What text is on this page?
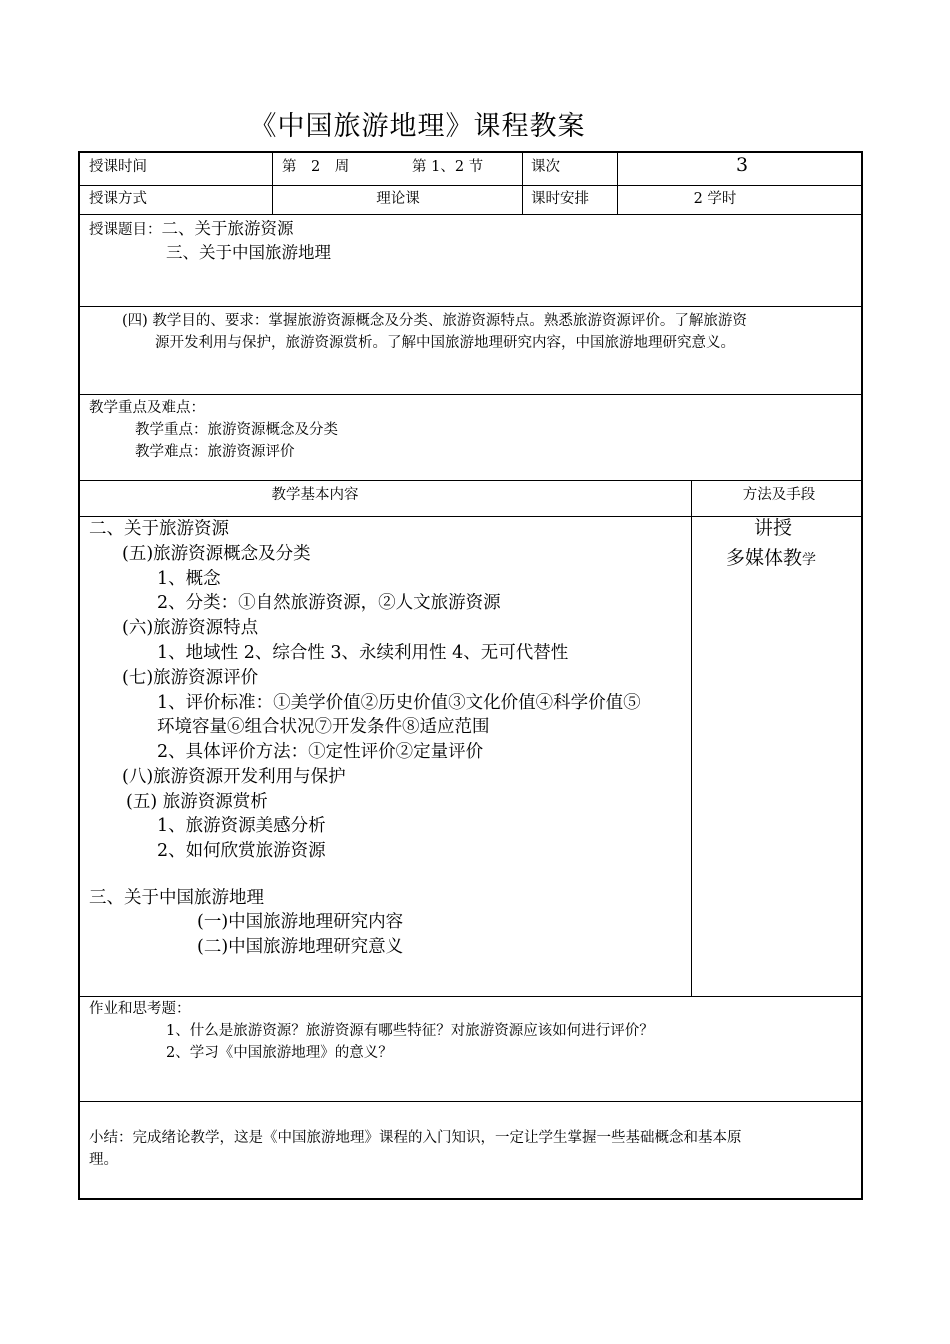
《中国旅游地理》课程教案
授课时间	第　2　周	第 1、2 节	课次	3
授课方式	理论课	课时安排	2 学时
授课题目：二、关于旅游资源
三、关于中国旅游地理
(四) 教学目的、要求：掌握旅游资源概念及分类、旅游资源特点。熟悉旅游资源评价。了解旅游资
源开发利用与保护，旅游资源赏析。了解中国旅游地理研究内容，中国旅游地理研究意义。
教学重点及难点：
教学重点：旅游资源概念及分类
教学难点：旅游资源评价
教学基本内容	方法及手段
二、关于旅游资源
(五)旅游资源概念及分类
1、概念
2、分类：①自然旅游资源，②人文旅游资源
(六)旅游资源特点
1、地域性 2、综合性 3、永续利用性 4、无可代替性
(七)旅游资源评价
1、评价标准：①美学价值②历史价值③文化价值④科学价值⑤
环境容量⑥组合状况⑦开发条件⑧适应范围
2、具体评价方法：①定性评价②定量评价
(八)旅游资源开发利用与保护
(五) 旅游资源赏析
1、旅游资源美感分析
2、如何欣赏旅游资源
三、关于中国旅游地理
(一)中国旅游地理研究内容
(二)中国旅游地理研究意义
讲授
多媒体教学
作业和思考题：
1、什么是旅游资源？旅游资源有哪些特征？对旅游资源应该如何进行评价？
2、学习《中国旅游地理》的意义？
小结：完成绪论教学，这是《中国旅游地理》课程的入门知识，一定让学生掌握一些基础概念和基本原
理。
